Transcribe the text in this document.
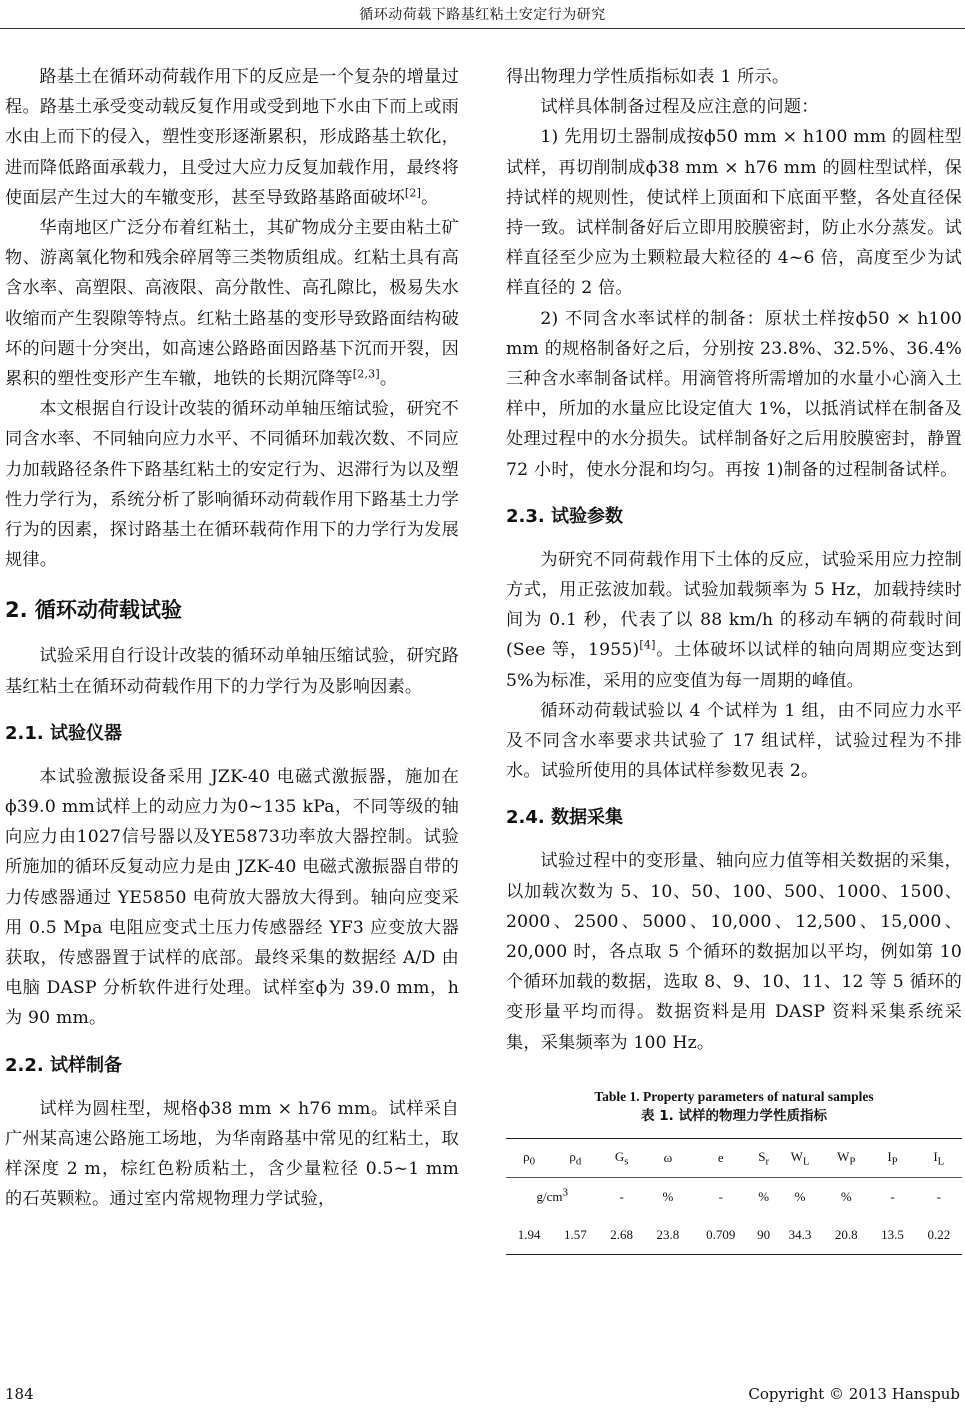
循环动荷载下路基红粘土安定行为研究

路基土在循环动荷载作用下的反应是一个复杂的增量过程。路基土承受变动载反复作用或受到地下水由下而上或雨水由上而下的侵入，塑性变形逐渐累积，形成路基土软化，进而降低路面承载力，且受过大应力反复加载作用，最终将使面层产生过大的车辙变形，甚至导致路基路面破坏[2]。

华南地区广泛分布着红粘土，其矿物成分主要由粘土矿物、游离氧化物和残余碎屑等三类物质组成。红粘土具有高含水率、高塑限、高液限、高分散性、高孔隙比，极易失水收缩而产生裂隙等特点。红粘土路基的变形导致路面结构破坏的问题十分突出，如高速公路路面因路基下沉而开裂，因累积的塑性变形产生车辙，地铁的长期沉降等[2,3]。

本文根据自行设计改装的循环动单轴压缩试验，研究不同含水率、不同轴向应力水平、不同循环加载次数、不同应力加载路径条件下路基红粘土的安定行为、迟滞行为以及塑性力学行为，系统分析了影响循环动荷载作用下路基土力学行为的因素，探讨路基土在循环载荷作用下的力学行为发展规律。

2. 循环动荷载试验

试验采用自行设计改装的循环动单轴压缩试验，研究路基红粘土在循环动荷载作用下的力学行为及影响因素。

2.1. 试验仪器

本试验激振设备采用 JZK-40 电磁式激振器，施加在ϕ39.0 mm试样上的动应力为0~135 kPa，不同等级的轴向应力由1027信号器以及YE5873功率放大器控制。试验所施加的循环反复动应力是由 JZK-40 电磁式激振器自带的力传感器通过 YE5850 电荷放大器放大得到。轴向应变采用 0.5 Mpa 电阻应变式土压力传感器经 YF3 应变放大器获取，传感器置于试样的底部。最终采集的数据经 A/D 由电脑 DASP 分析软件进行处理。试样室ϕ为 39.0 mm，h 为 90 mm。

2.2. 试样制备

试样为圆柱型，规格ϕ38 mm × h76 mm。试样采自广州某高速公路施工场地，为华南路基中常见的红粘土，取样深度 2 m，棕红色粉质粘土，含少量粒径 0.5~1 mm 的石英颗粒。通过室内常规物理力学试验，

得出物理力学性质指标如表 1 所示。

试样具体制备过程及应注意的问题：

1) 先用切土器制成按ϕ50 mm × h100 mm 的圆柱型试样，再切削制成ϕ38 mm × h76 mm 的圆柱型试样，保持试样的规则性，使试样上顶面和下底面平整，各处直径保持一致。试样制备好后立即用胶膜密封，防止水分蒸发。试样直径至少应为土颗粒最大粒径的 4~6 倍，高度至少为试样直径的 2 倍。

2) 不同含水率试样的制备：原状土样按ϕ50 × h100 mm 的规格制备好之后，分别按 23.8%、32.5%、36.4%三种含水率制备试样。用滴管将所需增加的水量小心滴入土样中，所加的水量应比设定值大 1%，以抵消试样在制备及处理过程中的水分损失。试样制备好之后用胶膜密封，静置 72 小时，使水分混和均匀。再按 1)制备的过程制备试样。

2.3. 试验参数

为研究不同荷载作用下土体的反应，试验采用应力控制方式，用正弦波加载。试验加载频率为 5 Hz，加载持续时间为 0.1 秒，代表了以 88 km/h 的移动车辆的荷载时间(See 等，1955)[4]。土体破坏以试样的轴向周期应变达到 5%为标准，采用的应变值为每一周期的峰值。

循环动荷载试验以 4 个试样为 1 组，由不同应力水平及不同含水率要求共试验了 17 组试样，试验过程为不排水。试验所使用的具体试样参数见表 2。

2.4. 数据采集

试验过程中的变形量、轴向应力值等相关数据的采集，以加载次数为 5、10、50、100、500、1000、1500、2000、2500、5000、10,000、12,500、15,000、20,000 时，各点取 5 个循环的数据加以平均，例如第 10 个循环加载的数据，选取 8、9、10、11、12 等 5 循环的变形量平均而得。数据资料是用 DASP 资料采集系统采集，采集频率为 100 Hz。

Table 1. Property parameters of natural samples
表 1. 试样的物理力学性质指标
$\rho_0$	$\rho_d$	$G_s$	ω	e	$S_r$	$W_L$	$W_P$	$I_P$	$I_L$
$g/cm^3$		-	%	-	%	%	%	-	-
1.94	1.57	2.68	23.8	0.709	90	34.3	20.8	13.5	0.22
184	Copyright © 2013 Hanspub
